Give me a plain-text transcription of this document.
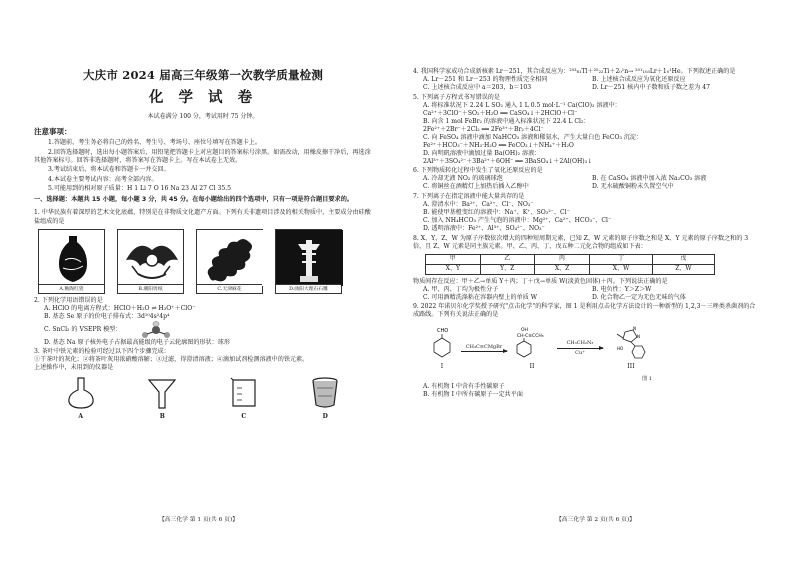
大庆市 2024 届高三年级第一次教学质量检测
化 学 试 卷
本试卷满分 100 分，考试用时 75 分钟。
注意事项：

1.答题前，考生务必将自己的姓名、考生号、考场号、座位号填写在答题卡上。

2.回答选择题时，选出每小题答案后，用铅笔把答题卡上对应题目的答案标号涂黑。如需改动，用橡皮擦干净后，再选涂其他答案标号。回答非选择题时，将答案写在答题卡上。写在本试卷上无效。

3.考试结束后，将本试卷和答题卡一并交回。

4.本试卷主要考试内容：高考全部内容。

5.可能用到的相对原子质量：H 1 Li 7 O 16 Na 23 Al 27 Cl 35.5

一、选择题：本题共 15 小题，每小题 3 分，共 45 分。在每小题给出的四个选项中，只有一项是符合题目要求的。
1. 中华民族有着深厚的艺术文化底蕴，特别是在非物质文化遗产方面。下列有关非遗项目涉及的相关物质中，主要成分由硅酸盐组成的是
A.釉陶红瓷	B.潮阳剪纸	C.天津麻花	D.曲阳大理石石雕
2. 下列化学用语错误的是
A. HClO 的电离方程式：HClO＋H₂O ⇌ H₃O⁺＋ClO⁻
B. 基态 Se 原子的价电子排布式：3d¹⁰4s²4p⁴
C. SnCl₂ 的 VSEPR 模型：
D. 基态 Na 原子核外电子占据最高能级的电子云轮廓图的形状：球形
3. 茶叶中铁元素的检验可经过以下四个步骤完成：
①干茶叶的灰化；②将茶叶灰用浓硝酸溶解；③过滤，得澄清溶液；④滴加试剂检测溶液中的铁元素。
上述操作中，未用到的仪器是
A	B	C	D
【高三化学 第 1 页(共 6 页)】
4. 我国科学家成功合成新核素 Lr－251，其合成反应为：²⁰³₈₁Tl＋²⁵₂₂Ti＋2₀¹n→ ²⁵¹₁₀₃Lr＋1₀¹He。下列叙述正确的是
A. Lr－251 和 Lr－253 的物理性质完全相同	B. 上述核合成反应为氧化还原反应
C. 上述核合成反应中 a＝203，b＝103	D. Lr－251 核内中子数和质子数之差为 47
5. 下列离子方程式书写错误的是
A. 将标准状况下 2.24 L SO₂ 通入 1 L 0.5 mol·L⁻¹ Ca(ClO)₂ 溶液中：
Ca²⁺＋3ClO⁻＋SO₂＋H₂O ══ CaSO₄↓＋2HClO＋Cl⁻
B. 向含 1 mol FeBr₂ 的溶液中通入标准状况下 22.4 L Cl₂：
2Fe²⁺＋2Br⁻＋2Cl₂ ══ 2Fe³⁺＋Br₂＋4Cl⁻
C. 向 FeSO₄ 溶液中滴加 NaHCO₃ 溶液和稀氨水，产生大量白色 FeCO₃ 沉淀：
Fe²⁺＋HCO₃⁻＋NH₃·H₂O ══ FeCO₃↓＋NH₄⁺＋H₂O
D. 向明矾溶液中滴加过量 Ba(OH)₂ 溶液：
2Al³⁺＋3SO₄²⁻＋3Ba²⁺＋6OH⁻ ══ 3BaSO₄↓＋2Al(OH)₃↓
6. 下列物质转化过程中发生了氧化还原反应的是
A. 冷却无液 NO₂ 的玻璃球泡	B. 在 CaSO₄ 溶液中加入浓 Na₂CO₃ 溶液
C. 将铜丝在酒精灯上加热后插入乙醇中	D. 无水硫酸铜粉末久置空气中
7. 下列离子在指定溶液中能大量共存的是
A. 澄清水中：Ba²⁺、Ca²⁺、Cl⁻、NO₃⁻
B. 能使甲基橙变红的溶液中：Na⁺、K⁺、SO₃²⁻、Cl⁻
C. 加入 NH₄HCO₃ 产生气泡的溶液中：Mg²⁺、Ca²⁺、HCO₃⁻、Cl⁻
D. 透明溶液中：Fe²⁺、Al³⁺、SO₄²⁻、NO₃⁻
8. X、Y、Z、W 为原子序数依次增大的四种短周期元素，已知 Z、W 元素的原子序数之和是 X、Y 元素的原子序数之和的 3 倍，且 Z、W 元素是同主族元素。甲、乙、丙、丁、戊五种二元化合物的组成如下表：
甲	乙	丙	丁	戊
X、Y	Y、Z	X、Z	X、W	Z、W
物质间存在反应：甲＋乙→单质 Y＋丙；丁＋戊→单质 W(淡黄色固体)＋丙。下列说法正确的是
A. 甲、丙、丁均为极性分子	B. 电负性：Y＞Z＞W
C. 可用酒精洗涤粘在容器内壁上的单质 W	D. 化合物乙一定为无色无味的气体
9. 2022 年诺贝尔化学奖授予研究"点击化学"的科学家，图 1 是利用点击化学方法设计的一种新型的 1,2,3－三唑类杀菌剂的合成路线。下列有关说法正确的是
CHO
I
CH₃C≡CMgBr
OH
CH-C≡CCH₃
II
CH₃CH₂N₃
Cu⁺
N
N
HO
III
图 1
A. 有机物 I 中含有手性碳原子
B. 有机物 I 中所有碳原子一定共平面
【高三化学 第 2 页(共 6 页)】
